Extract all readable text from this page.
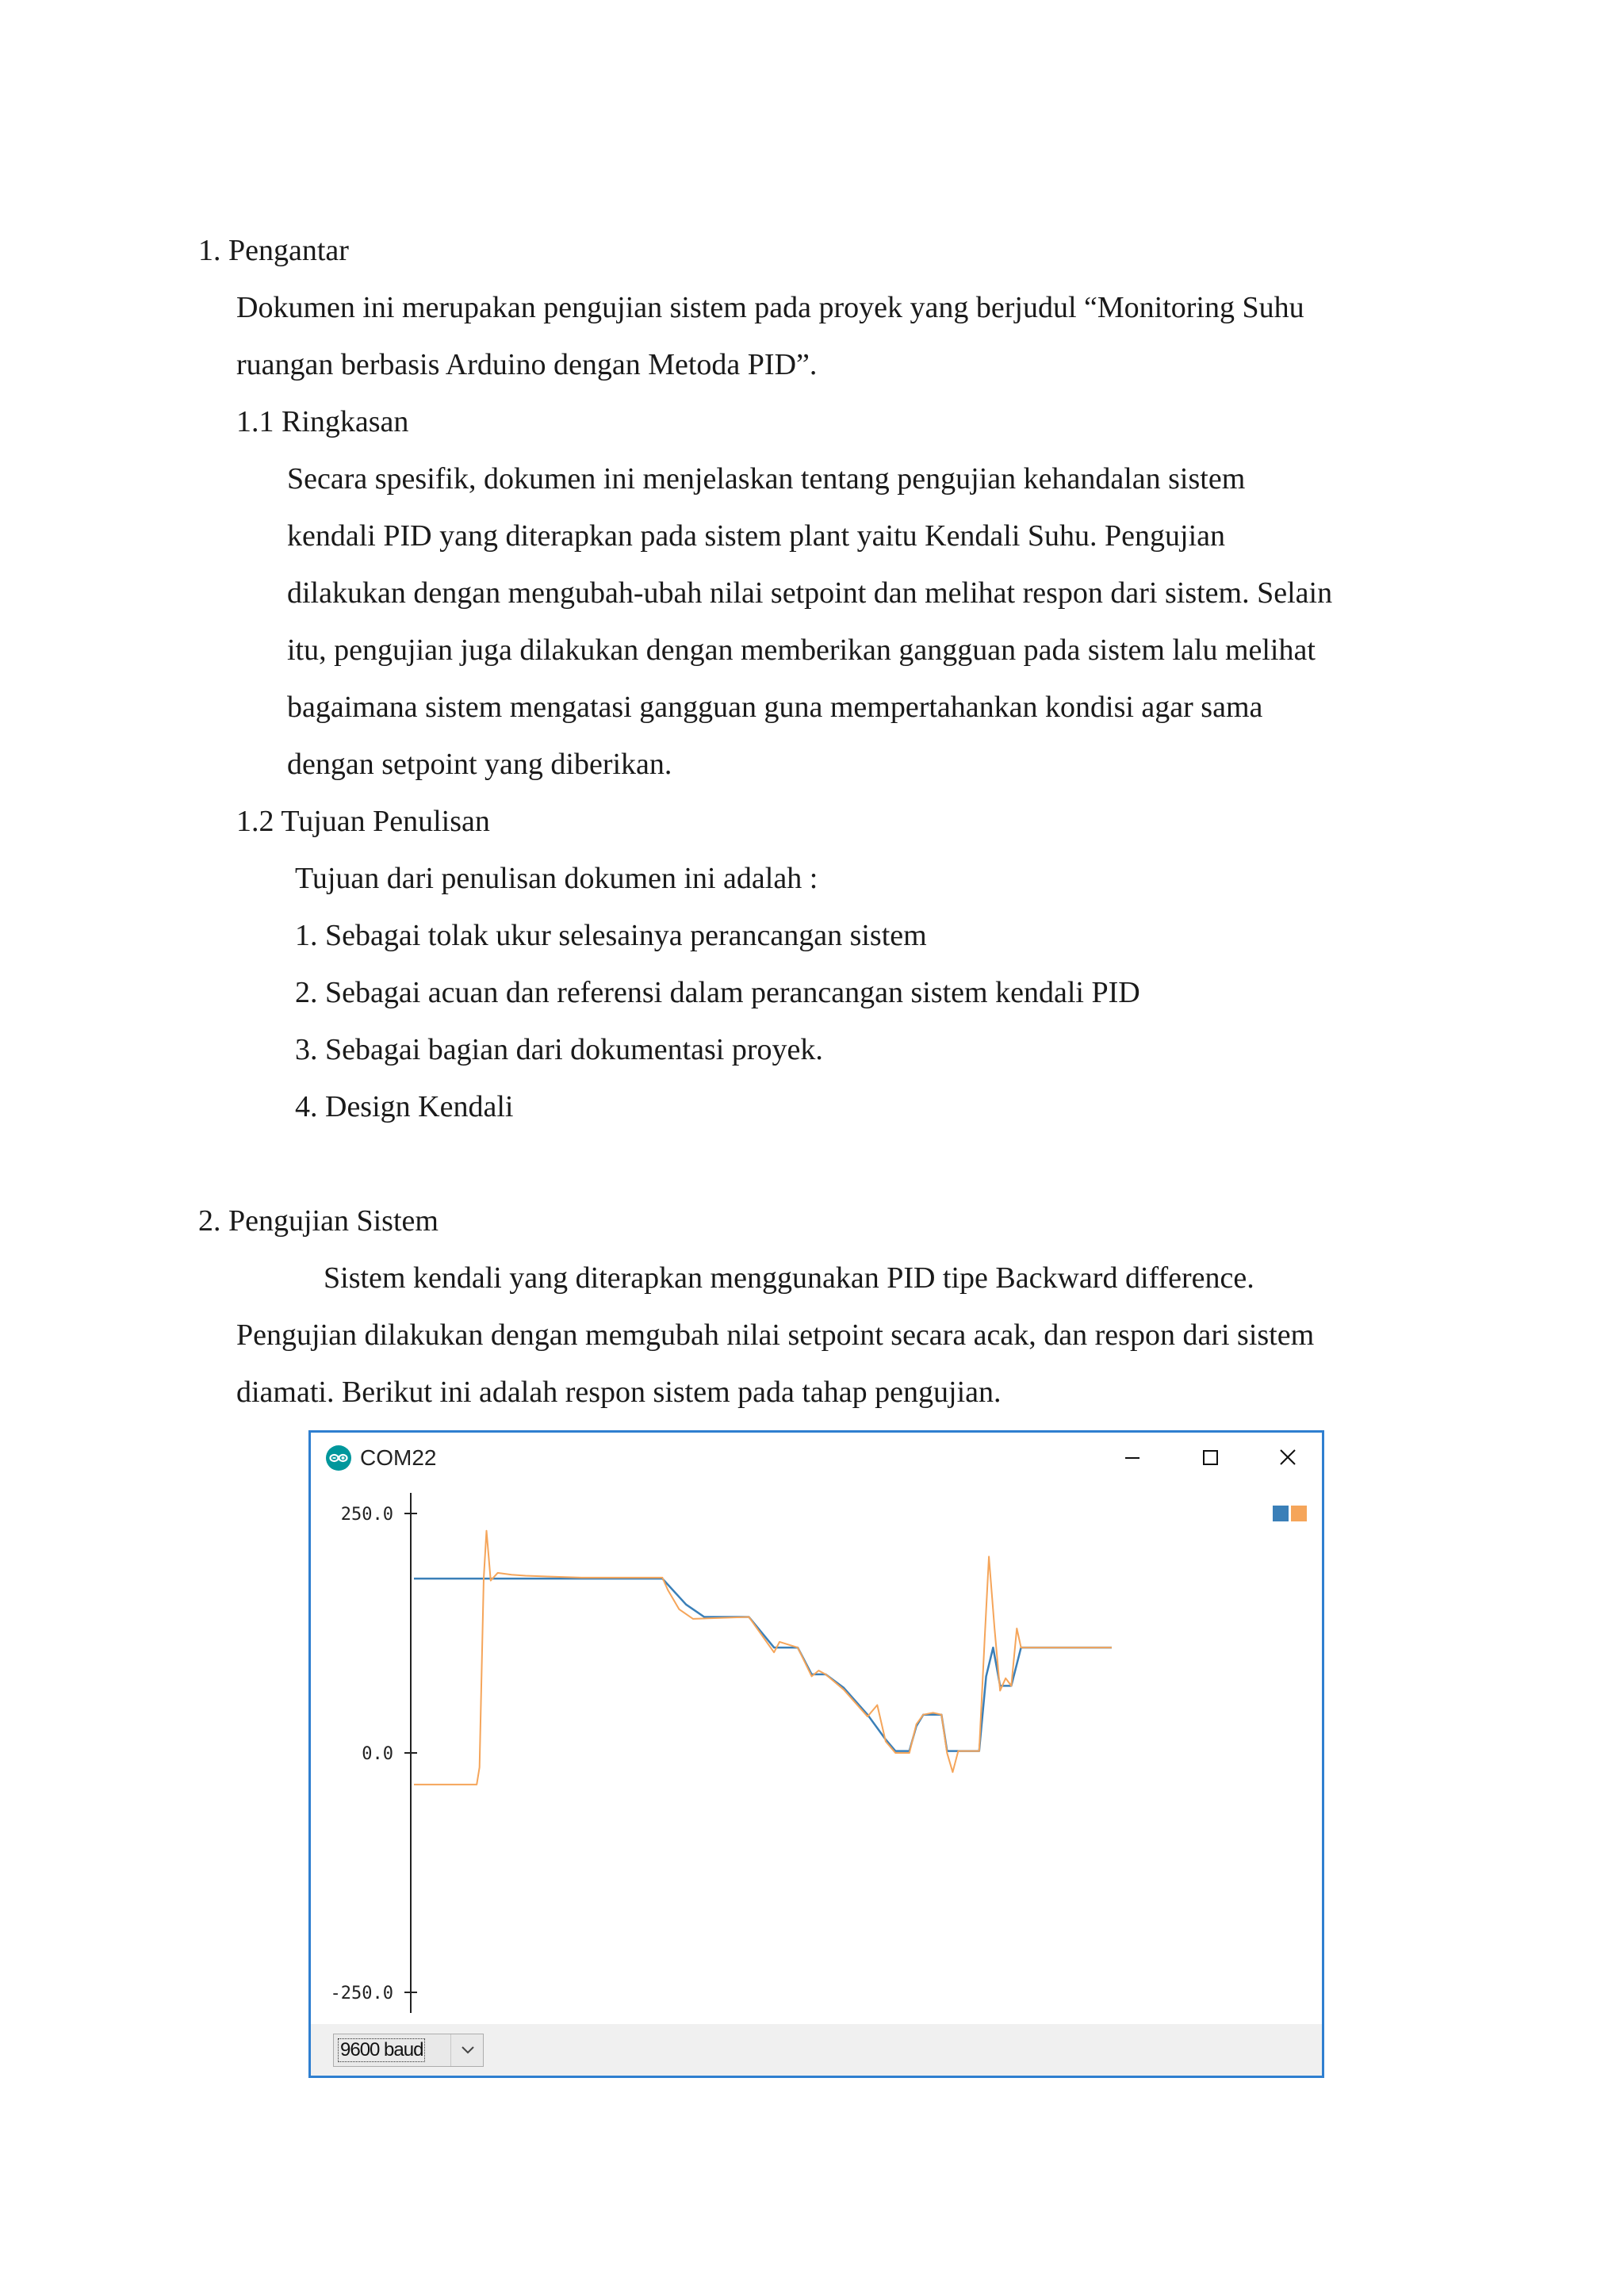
1. Pengantar
Dokumen ini merupakan pengujian sistem pada proyek yang berjudul “Monitoring Suhu
ruangan berbasis Arduino dengan Metoda PID”.
1.1 Ringkasan
Secara spesifik, dokumen ini menjelaskan tentang pengujian kehandalan sistem
kendali PID yang diterapkan pada sistem plant yaitu Kendali Suhu. Pengujian
dilakukan dengan mengubah-ubah nilai setpoint dan melihat respon dari sistem. Selain
itu, pengujian juga dilakukan dengan memberikan gangguan pada sistem lalu melihat
bagaimana sistem mengatasi gangguan guna mempertahankan kondisi agar sama
dengan setpoint yang diberikan.
1.2 Tujuan Penulisan
Tujuan dari penulisan dokumen ini adalah :
1. Sebagai tolak ukur selesainya perancangan sistem
2. Sebagai acuan dan referensi dalam perancangan sistem kendali PID
3. Sebagai bagian dari dokumentasi proyek.
4. Design Kendali
2. Pengujian Sistem
Sistem kendali yang diterapkan menggunakan PID tipe Backward difference.
Pengujian dilakukan dengan memgubah nilai setpoint secara acak, dan respon dari sistem
diamati. Berikut ini adalah respon sistem pada tahap pengujian.
COM22
250.0
0.0
-250.0
9600 baud
